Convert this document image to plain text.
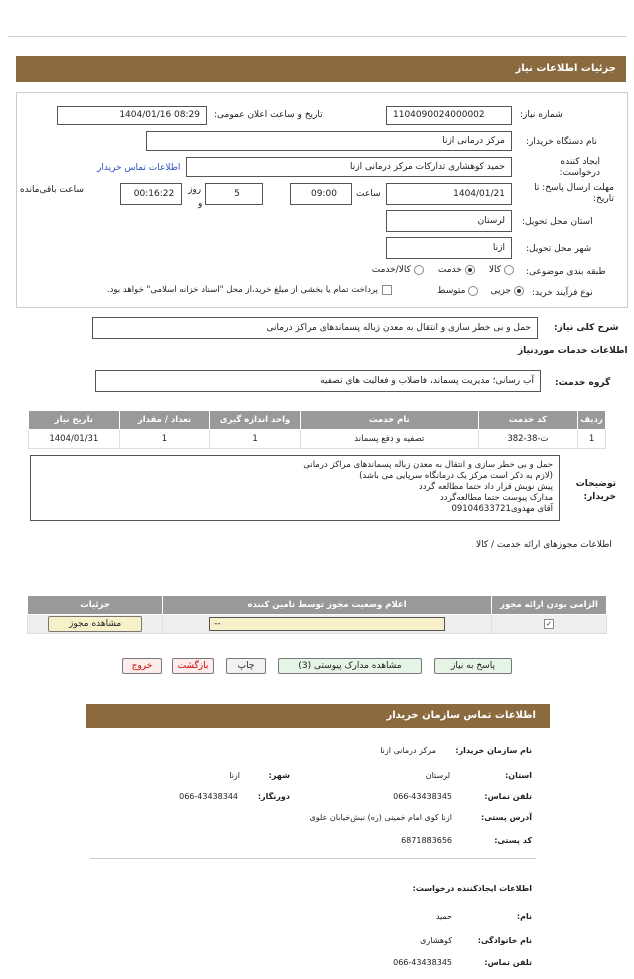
جزئیات اطلاعات نیاز
شماره نیاز:
1104090024000002
تاریخ و ساعت اعلان عمومی:
1404/01/16 08:29
نام دستگاه خریدار:
مرکز درمانی ازنا
ایجاد کننده درخواست:
حمید کوهشاری تدارکات مرکز درمانی ازنا
اطلاعات تماس خریدار
مهلت ارسال پاسخ: تا تاریخ:
1404/01/21
ساعت
09:00
5
روز
و
00:16:22
ساعت باقی‌مانده
استان محل تحویل:
لرستان
شهر محل تحویل:
ازنا
طبقه بندی موضوعی:
کالا
خدمت
کالا/خدمت
نوع فرآیند خرید:
جزیی
متوسط
پرداخت تمام یا بخشی از مبلغ خرید،از محل "اسناد خزانه اسلامی" خواهد بود.
شرح کلی نیاز:
حمل و بی خطر سازی و انتقال به معدن زباله پسماندهای مراکز درمانی
اطلاعات خدمات موردنیاز
گروه خدمت:
آب رسانی؛ مدیریت پسماند، فاضلاب و فعالیت های تصفیه
ردیف	کد خدمت	نام خدمت	واحد اندازه گیری	تعداد / مقدار	تاریخ نیاز
1	ت-38-382	تصفیه و دفع پسماند	1	1	1404/01/31
توضیحات خریدار:
حمل و بی خطر سازی و انتقال به معدن زباله پسماندهای مراکز درمانی
(لازم به ذکر است مرکز یک درمانگاه سرپایی می باشد)
پیش نویش قرار داد حتما مطالعه گردد
مدارک پیوست حتما مطالعه‌گردد
آقای مهدوی09104633721
اطلاعات مجوزهای ارائه خدمت / کالا
الزامی بودن ارائه مجوز	اعلام وضعیت مجوز توسط تامین کننده	جزئیات
✓	--	مشاهده مجوز
پاسخ به نیاز
مشاهده مدارک پیوستی (3)
چاپ
بازگشت
خروج
اطلاعات تماس سازمان خریدار
نام سازمان خریدار:
مرکز درمانی ازنا
استان:
لرستان
شهر:
ازنا
تلفن تماس:
066-43438345
دورنگار:
066-43438344
آدرس پستی:
ازنا کوی امام خمینی (ره) نبش‌خیابان علوی
کد پستی:
6871883656
اطلاعات ایجادکننده درخواست:
نام:
حمید
نام خانوادگی:
کوهشاری
تلفن تماس:
066-43438345
